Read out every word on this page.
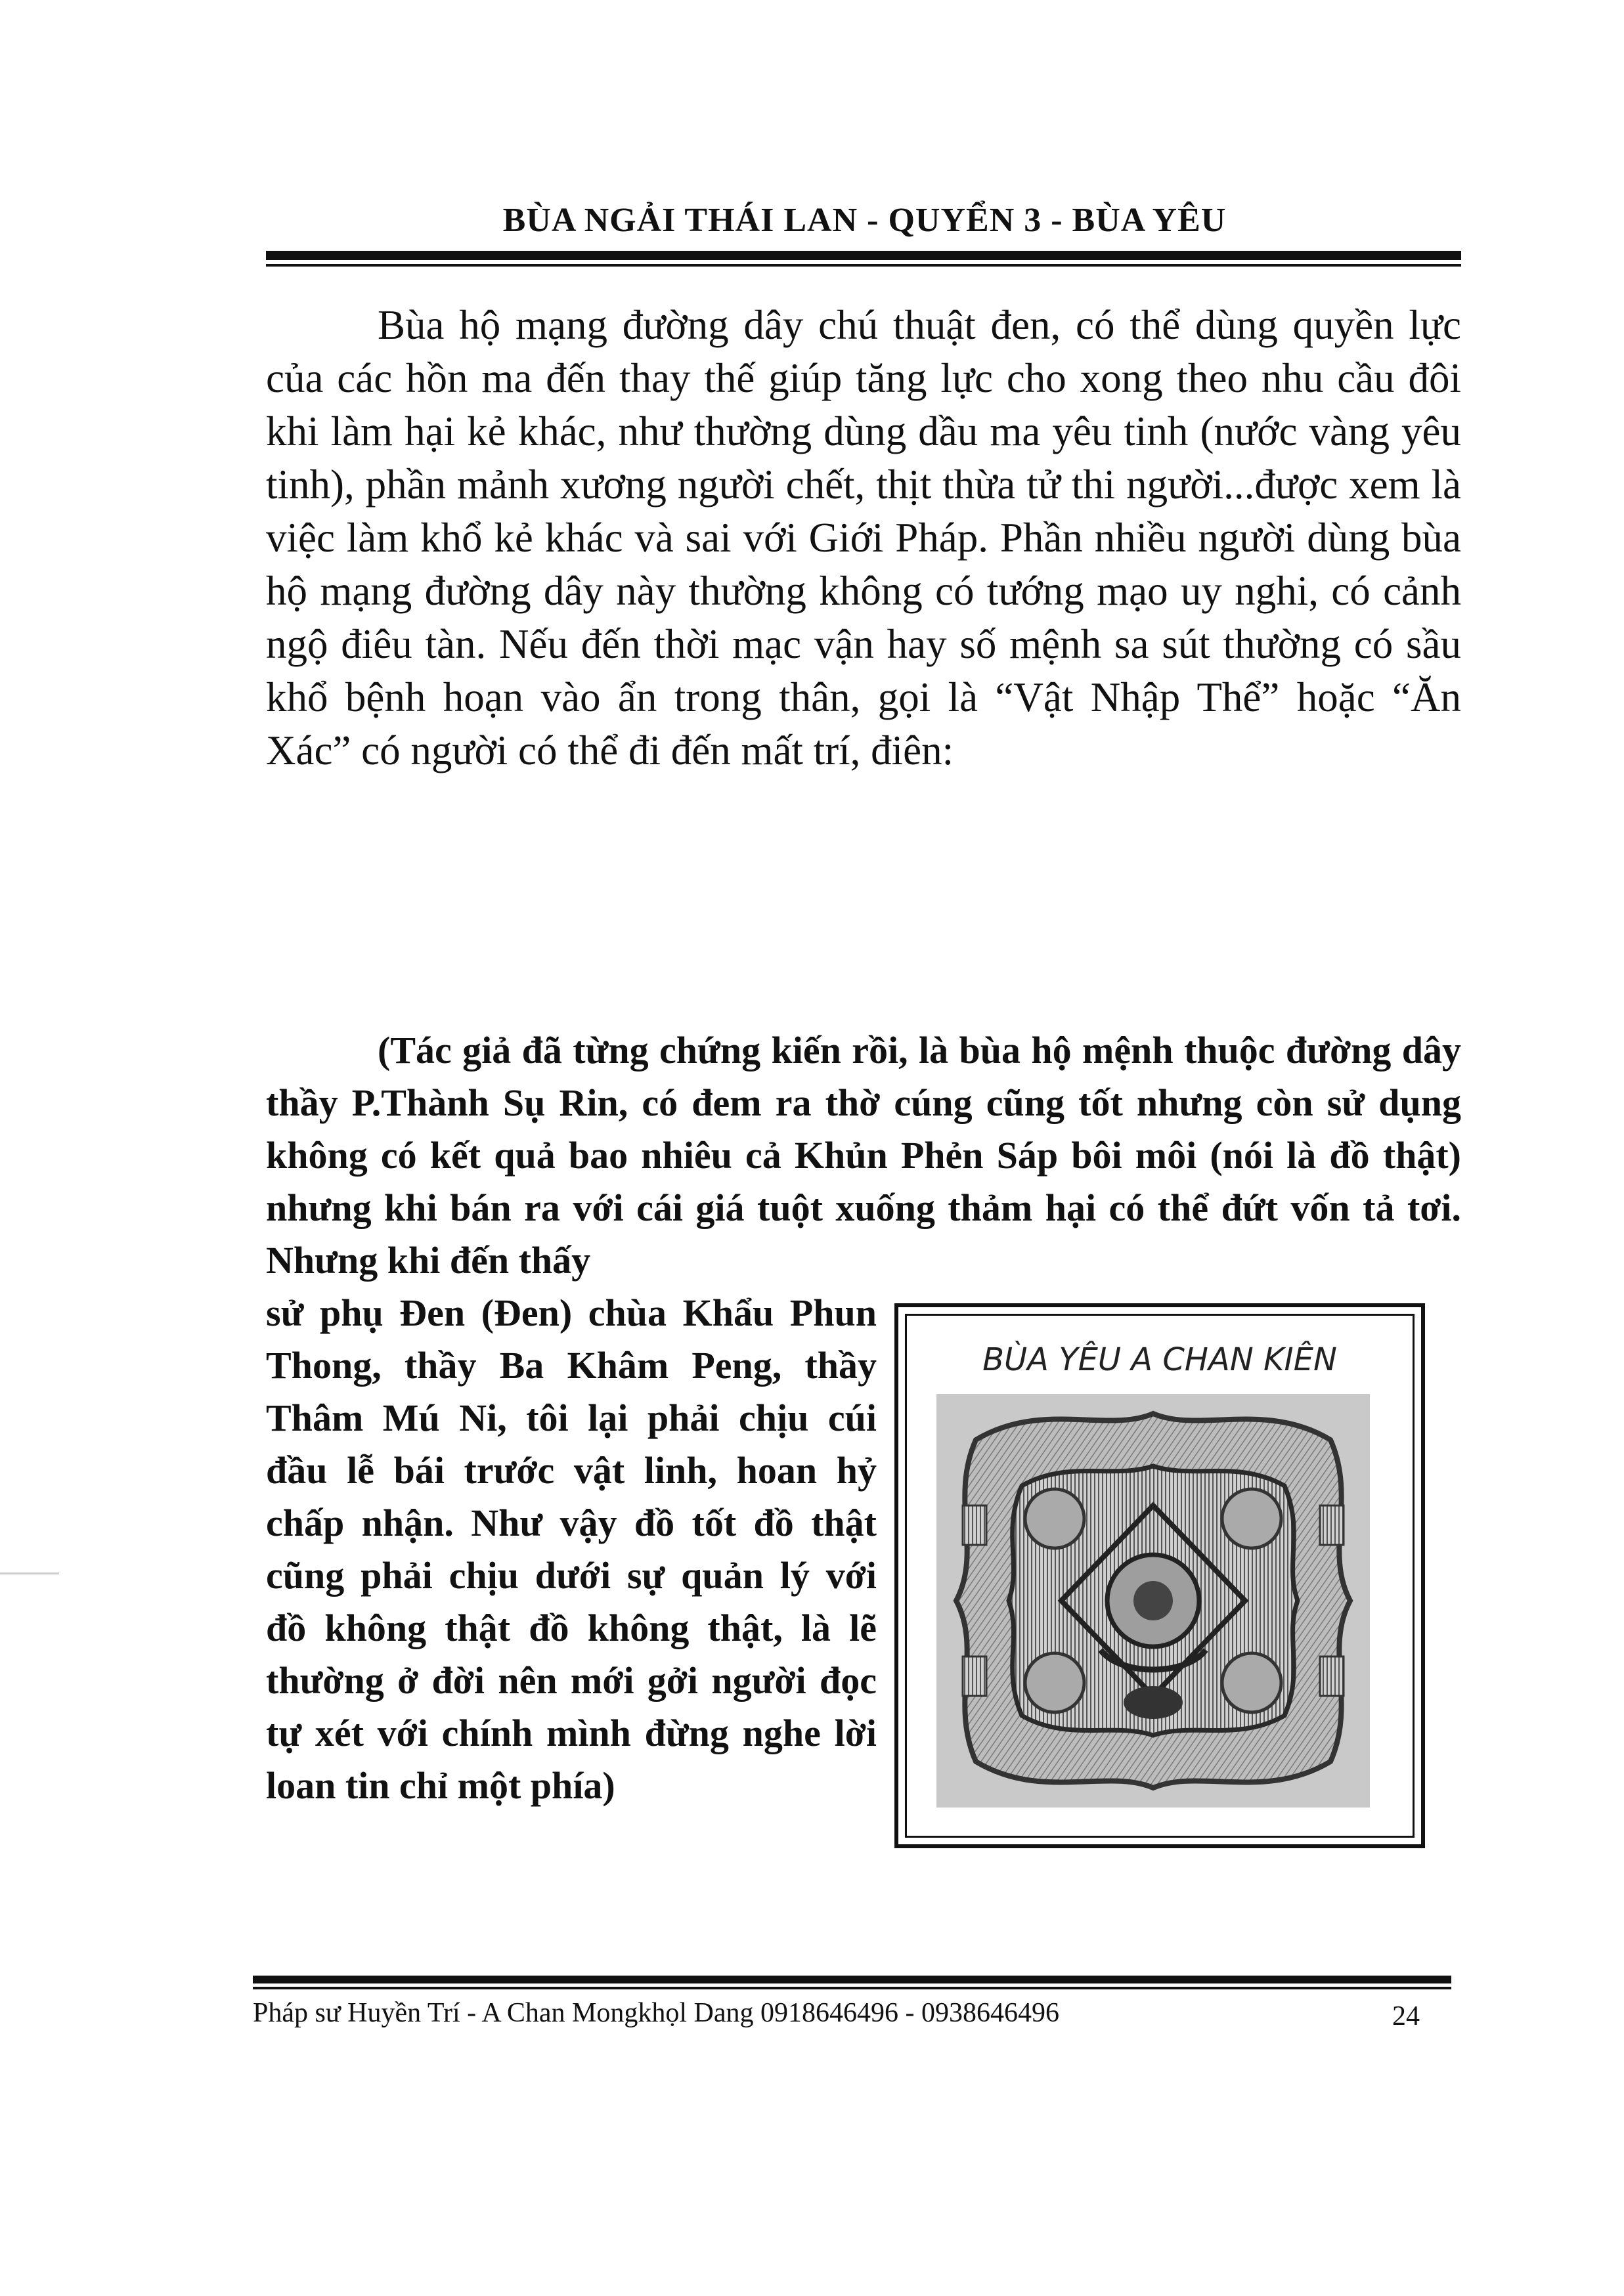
BÙA NGẢI THÁI LAN - QUYỂN 3 - BÙA YÊU

Bùa hộ mạng đường dây chú thuật đen, có thể dùng quyền lực của các hồn ma đến thay thế giúp tăng lực cho xong theo nhu cầu đôi khi làm hại kẻ khác, như thường dùng dầu ma yêu tinh (nước vàng yêu tinh), phần mảnh xương người chết, thịt thừa tử thi người...được xem là việc làm khổ kẻ khác và sai với Giới Pháp. Phần nhiều người dùng bùa hộ mạng đường dây này thường không có tướng mạo uy nghi, có cảnh ngộ điêu tàn. Nếu đến thời mạc vận hay số mệnh sa sút thường có sầu khổ bệnh hoạn vào ẩn trong thân, gọi là “Vật Nhập Thể” hoặc “Ăn Xác” có người có thể đi đến mất trí, điên:

(Tác giả đã từng chứng kiến rồi, là bùa hộ mệnh thuộc đường dây thầy P.Thành Sụ Rin, có đem ra thờ cúng cũng tốt nhưng còn sử dụng không có kết quả bao nhiêu cả Khủn Phẻn Sáp bôi môi (nói là đồ thật) nhưng khi bán ra với cái giá tuột xuống thảm hại có thể đứt vốn tả tơi. Nhưng khi đến thấy

sử phụ Đen (Đen) chùa Khẩu Phun Thong, thầy Ba Khâm Peng, thầy Thâm Mú Ni, tôi lại phải chịu cúi đầu lễ bái trước vật linh, hoan hỷ chấp nhận. Như vậy đồ tốt đồ thật cũng phải chịu dưới sự quản lý với đồ không thật đồ không thật, là lẽ thường ở đời nên mới gởi người đọc tự xét với chính mình đừng nghe lời loan tin chỉ một phía)

BÙA YÊU A CHAN KIÊN
Pháp sư Huyền Trí - A Chan Mongkhọl Dang 0918646496 - 0938646496	24
